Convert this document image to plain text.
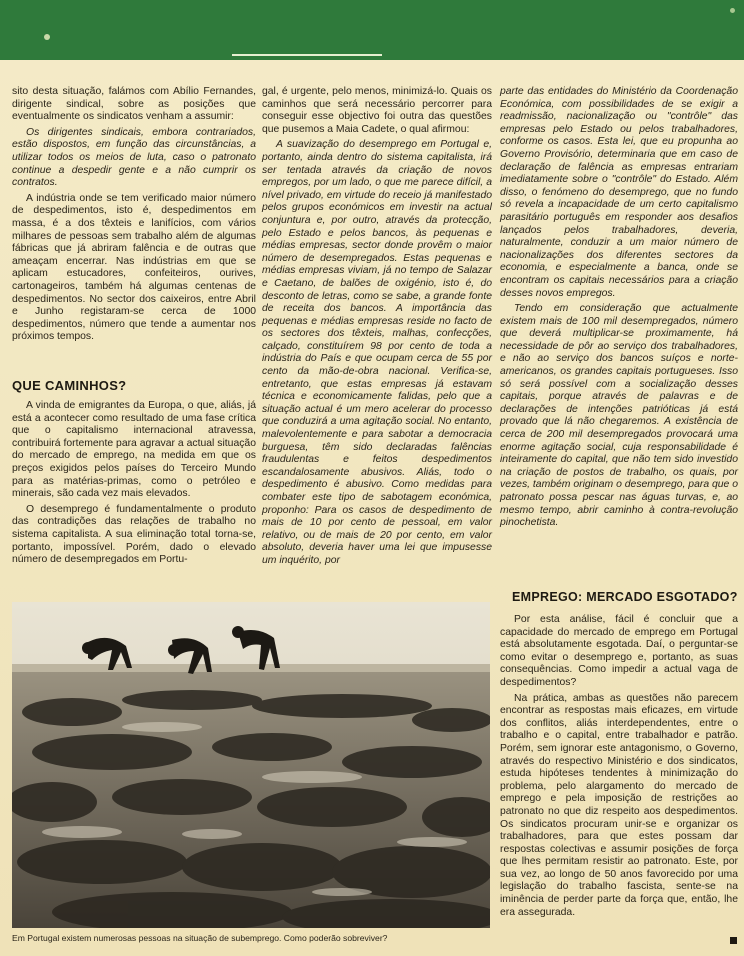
sito desta situação, falámos com Abílio Fernandes, dirigente sindical, sobre as posições que eventualmente os sindicatos venham a assumir:

Os dirigentes sindicais, embora contrariados, estão dispostos, em função das circunstâncias, a utilizar todos os meios de luta, caso o patronato continue a despedir gente e a não cumprir os contratos.

A indústria onde se tem verificado maior número de despedimentos, isto é, despedimentos em massa, é a dos têxteis e lanifícios, com vários milhares de pessoas sem trabalho além de algumas fábricas que já abriram falência e de outras que ameaçam encerrar. Nas indústrias em que se aplicam estucadores, confeiteiros, ourives, cartonageiros, também há algumas centenas de despedimentos. No sector dos caixeiros, entre Abril e Junho registaram-se cerca de 1000 despedimentos, número que tende a aumentar nos próximos tempos.

QUE CAMINHOS?

A vinda de emigrantes da Europa, o que, aliás, já está a acontecer como resultado de uma fase crítica que o capitalismo internacional atravessa, contribuirá fortemente para agravar a actual situação do mercado de emprego, na medida em que os preços exigidos pelos países do Terceiro Mundo para as matérias-primas, como o petróleo e minerais, são cada vez mais elevados.

O desemprego é fundamentalmente o produto das contradições das relações de trabalho no sistema capitalista. A sua eliminação total torna-se, portanto, impossível. Porém, dado o elevado número de desempregados em Portu-

gal, é urgente, pelo menos, minimizá-lo. Quais os caminhos que será necessário percorrer para conseguir esse objectivo foi outra das questões que pusemos a Maia Cadete, o qual afirmou:

A suavização do desemprego em Portugal e, portanto, ainda dentro do sistema capitalista, irá ser tentada através da criação de novos empregos, por um lado, o que me parece difícil, a nível privado, em virtude do receio já manifestado pelos grupos económicos em investir na actual conjuntura e, por outro, através da protecção, pelo Estado e pelos bancos, às pequenas e médias empresas, sector donde provêm o maior número de desempregados. Estas pequenas e médias empresas viviam, já no tempo de Salazar e Caetano, de balões de oxigénio, isto é, do desconto de letras, como se sabe, a grande fonte de receita dos bancos. A importância das pequenas e médias empresas reside no facto de os sectores dos têxteis, malhas, confecções, calçado, constituírem 98 por cento de toda a indústria do País e que ocupam cerca de 55 por cento da mão-de-obra nacional. Verifica-se, entretanto, que estas empresas já estavam técnica e economicamente falidas, pelo que a situação actual é um mero acelerar do processo que conduzirá a uma agitação social. No entanto, malevolentemente e para sabotar a democracia burguesa, têm sido declaradas falências fraudulentas e feitos despedimentos escandalosamente abusivos. Aliás, todo o despedimento é abusivo. Como medidas para combater este tipo de sabotagem económica, proponho: Para os casos de despedimento de mais de 10 por cento de pessoal, em valor relativo, ou de mais de 20 por cento, em valor absoluto, deveria haver uma lei que impusesse um inquérito, por

parte das entidades do Ministério da Coordenação Económica, com possibilidades de se exigir a readmissão, nacionalização ou "contrôle" das empresas pelo Estado ou pelos trabalhadores, conforme os casos. Esta lei, que eu propunha ao Governo Provisório, determinaria que em caso de declaração de falência as empresas entrariam imediatamente sobre o "contrôle" do Estado. Além disso, o fenómeno do desemprego, que no fundo só revela a incapacidade de um certo capitalismo parasitário português em responder aos desafios lançados pelos trabalhadores, deveria, naturalmente, conduzir a um maior número de nacionalizações dos diferentes sectores da economia, e especialmente a banca, onde se encontram os capitais necessários para a criação desses novos empregos.

Tendo em consideração que actualmente existem mais de 100 mil desempregados, número que deverá multiplicar-se proximamente, há necessidade de pôr ao serviço dos trabalhadores, e não ao serviço dos bancos suíços e norte-americanos, os grandes capitais portugueses. Isso só será possível com a socialização desses capitais, porque através de palavras e de declarações de intenções patrióticas já está provado que lá não chegaremos. A existência de cerca de 200 mil desempregados provocará uma enorme agitação social, cuja responsabilidade é inteiramente do capital, que não tem sido investido na criação de postos de trabalho, os quais, por vezes, também originam o desemprego, para que o patronato possa pescar nas águas turvas, e, ao mesmo tempo, abrir caminho à contra-revolução pinochetista.

EMPREGO: MERCADO ESGOTADO?

Por esta análise, fácil é concluir que a capacidade do mercado de emprego em Portugal está absolutamente esgotada. Daí, o perguntar-se como evitar o desemprego e, portanto, as suas consequências. Como impedir a actual vaga de despedimentos?

Na prática, ambas as questões não parecem encontrar as respostas mais eficazes, em virtude dos conflitos, aliás interdependentes, entre o trabalho e o capital, entre trabalhador e patrão. Porém, sem ignorar este antagonismo, o Governo, através do respectivo Ministério e dos sindicatos, estuda hipóteses tendentes à minimização do problema, pelo alargamento do mercado de emprego e pela imposição de restrições ao patronato no que diz respeito aos despedimentos. Os sindicatos procuram unir-se e organizar os trabalhadores, para que estes possam dar respostas colectivas e assumir posições de força que lhes permitam resistir ao patronato. Este, por sua vez, ao longo de 50 anos favorecido por uma legislação do trabalho fascista, sente-se na iminência de perder parte da força que, então, lhe era assegurada.

Em Portugal existem numerosas pessoas na situação de subemprego. Como poderão sobreviver?
